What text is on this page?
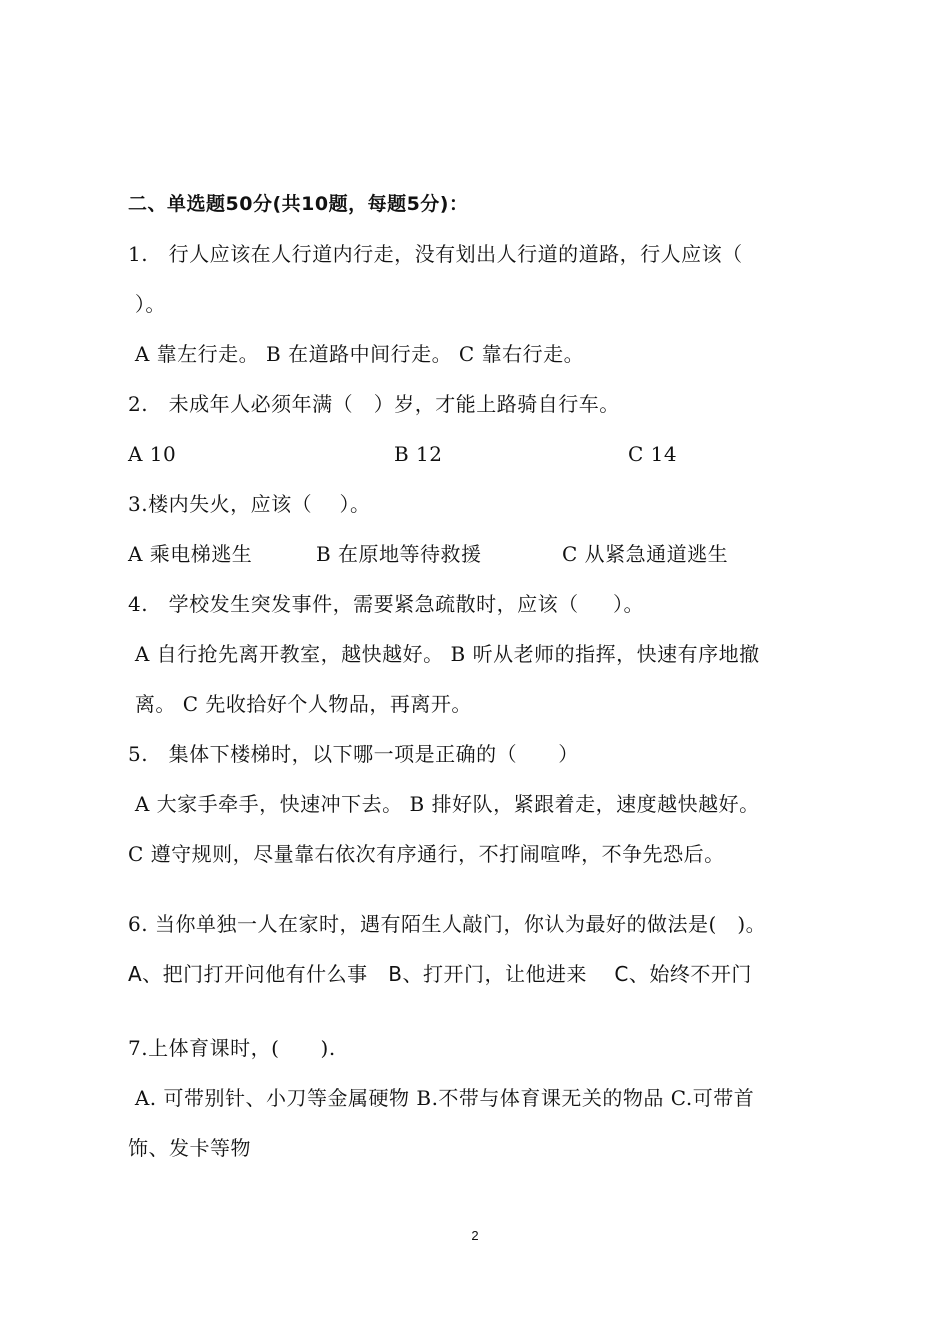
二、单选题50分(共10题，每题5分)：
1.   行人应该在人行道内行走，没有划出人行道的道路，行人应该（
）。
A 靠左行走。 B 在道路中间行走。 C 靠右行走。
2.   未成年人必须年满（   ）岁，才能上路骑自行车。
A 10	B 12	C 14
3.楼内失火，应该（    ）。
A 乘电梯逃生	B 在原地等待救援	C 从紧急通道逃生
4.   学校发生突发事件，需要紧急疏散时，应该（     ）。
A 自行抢先离开教室，越快越好。 B 听从老师的指挥，快速有序地撤
离。 C 先收拾好个人物品，再离开。
5.   集体下楼梯时，以下哪一项是正确的（      ）
A 大家手牵手，快速冲下去。 B 排好队，紧跟着走，速度越快越好。
C 遵守规则，尽量靠右依次有序通行，不打闹喧哗，不争先恐后。
6. 当你单独一人在家时，遇有陌生人敲门，你认为最好的做法是(   )。
A、把门打开问他有什么事   B、打开门，让他进来    C、始终不开门
7.上体育课时，(      ).
A. 可带别针、小刀等金属硬物 B.不带与体育课无关的物品 C.可带首
饰、发卡等物
2
